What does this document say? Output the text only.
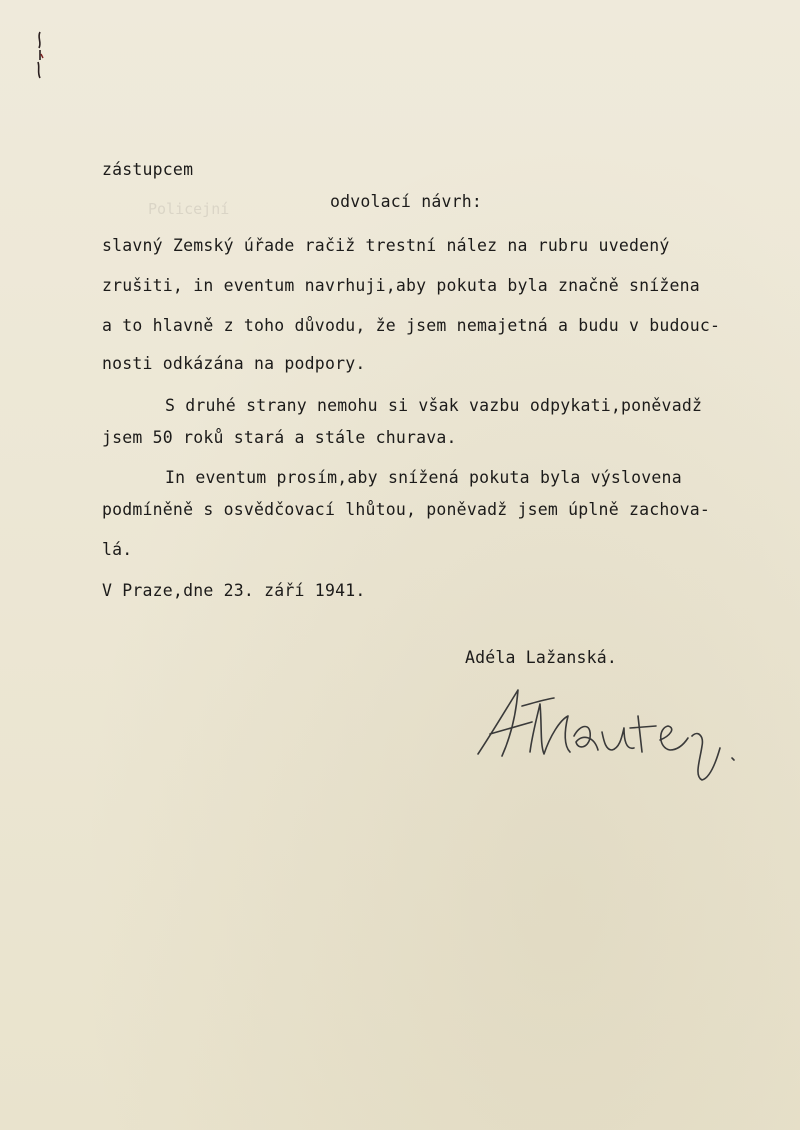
Policejní

zástupcem
odvolací návrh:
slavný Zemský úřade račiž trestní nález na rubru uvedený
zrušiti, in eventum navrhuji,aby pokuta byla značně snížena
a to hlavně z toho důvodu, že jsem nemajetná a budu v budouc-
nosti odkázána na podpory.
S druhé strany nemohu si však vazbu odpykati,poněvadž
jsem 50 roků stará a stále churava.
In eventum prosím,aby snížená pokuta byla výslovena
podmíněně s osvědčovací lhůtou, poněvadž jsem úplně zachova-
lá.
V Praze,dne 23. září 1941.
Adéla Lažanská.
